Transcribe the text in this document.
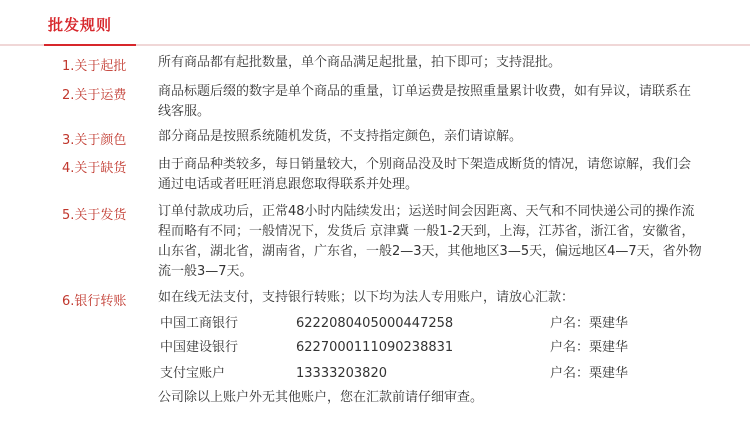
批发规则
1.关于起批 所有商品都有起批数量，单个商品满足起批量，拍下即可；支持混批。
2.关于运费 商品标题后缀的数字是单个商品的重量，订单运费是按照重量累计收费，如有异议，请联系在线客服。
3.关于颜色 部分商品是按照系统随机发货，不支持指定颜色，亲们请谅解。
4.关于缺货 由于商品种类较多，每日销量较大，个别商品没及时下架造成断货的情况，请您谅解，我们会通过电话或者旺旺消息跟您取得联系并处理。
5.关于发货 订单付款成功后，正常48小时内陆续发出；运送时间会因距离、天气和不同快递公司的操作流程而略有不同；一般情况下，发货后 京津冀 一般1-2天到，上海，江苏省，浙江省，安徽省，山东省，湖北省，湖南省，广东省，一般2—3天，其他地区3—5天，偏远地区4—7天，省外物流一般3—7天。
6.银行转账 如在线无法支付，支持银行转账；以下均为法人专用账户，请放心汇款：
中国工商银行	6222080405000447258	户名：栗建华
中国建设银行	6227000111090238831	户名：栗建华
支付宝账户	13333203820	户名：栗建华
公司除以上账户外无其他账户，您在汇款前请仔细审查。
